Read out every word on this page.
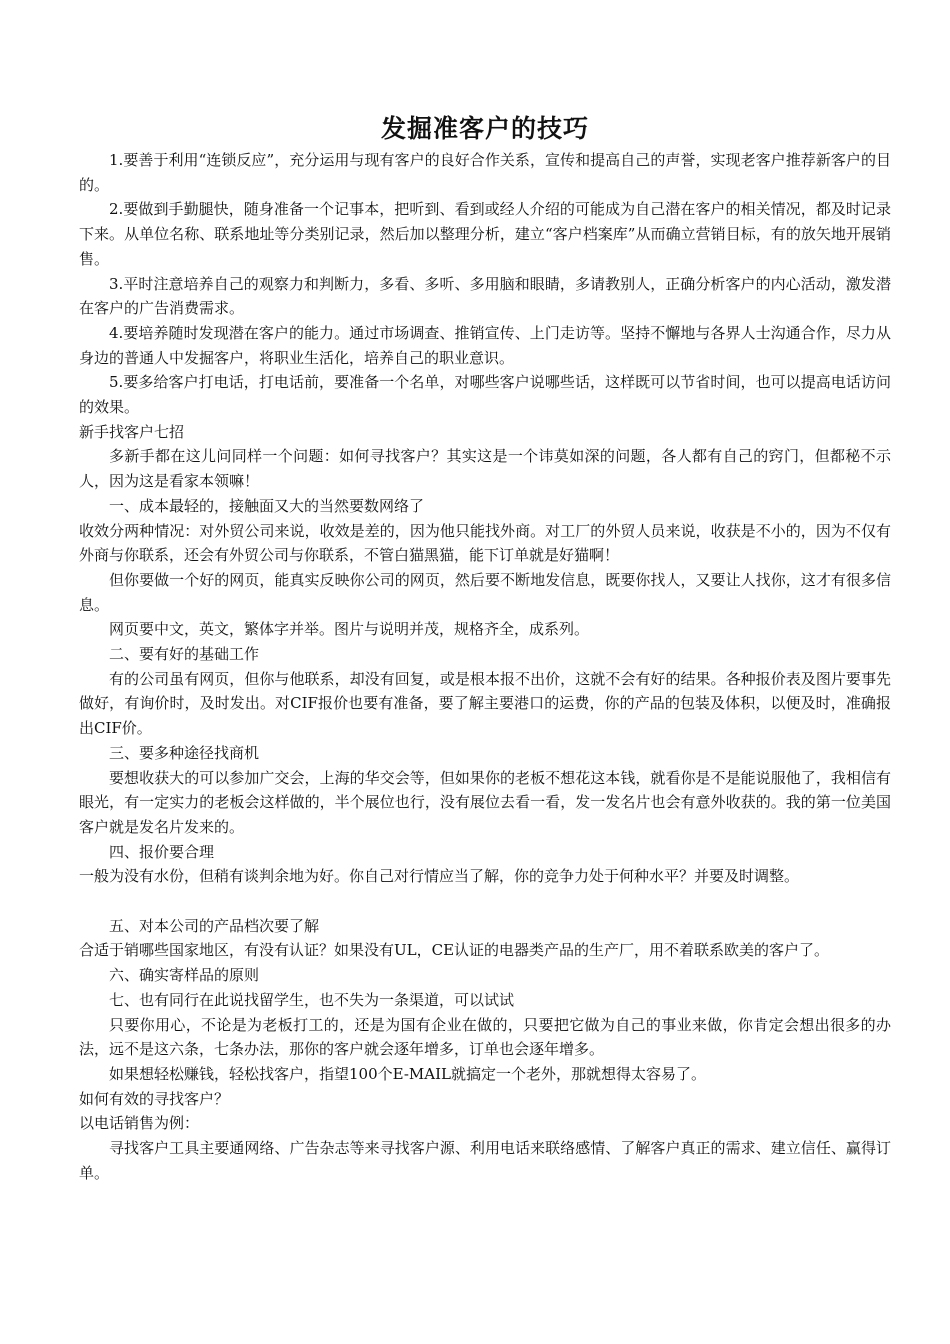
发掘准客户的技巧

1.要善于利用“连锁反应”，充分运用与现有客户的良好合作关系，宣传和提高自己的声誉，实现老客户推荐新客户的目的。

2.要做到手勤腿快，随身准备一个记事本，把听到、看到或经人介绍的可能成为自己潜在客户的相关情况，都及时记录下来。从单位名称、联系地址等分类别记录，然后加以整理分析，建立“客户档案库”从而确立营销目标，有的放矢地开展销售。

3.平时注意培养自己的观察力和判断力，多看、多听、多用脑和眼睛，多请教别人，正确分析客户的内心活动，激发潜在客户的广告消费需求。

4.要培养随时发现潜在客户的能力。通过市场调查、推销宣传、上门走访等。坚持不懈地与各界人士沟通合作，尽力从身边的普通人中发掘客户，将职业生活化，培养自己的职业意识。

5.要多给客户打电话，打电话前，要准备一个名单，对哪些客户说哪些话，这样既可以节省时间，也可以提高电话访问的效果。

新手找客户七招

多新手都在这儿问同样一个问题：如何寻找客户？其实这是一个讳莫如深的问题，各人都有自己的窍门，但都秘不示人，因为这是看家本领嘛！

一、成本最轻的，接触面又大的当然要数网络了

收效分两种情况：对外贸公司来说，收效是差的，因为他只能找外商。对工厂的外贸人员来说，收获是不小的，因为不仅有外商与你联系，还会有外贸公司与你联系，不管白猫黑猫，能下订单就是好猫啊！

但你要做一个好的网页，能真实反映你公司的网页，然后要不断地发信息，既要你找人，又要让人找你，这才有很多信息。

网页要中文，英文，繁体字并举。图片与说明并茂，规格齐全，成系列。

二、要有好的基础工作

有的公司虽有网页，但你与他联系，却没有回复，或是根本报不出价，这就不会有好的结果。各种报价表及图片要事先做好，有询价时，及时发出。对CIF报价也要有准备，要了解主要港口的运费，你的产品的包装及体积，以便及时，准确报出CIF价。

三、要多种途径找商机

要想收获大的可以参加广交会，上海的华交会等，但如果你的老板不想花这本钱，就看你是不是能说服他了，我相信有眼光，有一定实力的老板会这样做的，半个展位也行，没有展位去看一看，发一发名片也会有意外收获的。我的第一位美国客户就是发名片发来的。

四、报价要合理

一般为没有水份，但稍有谈判余地为好。你自己对行情应当了解，你的竞争力处于何种水平？并要及时调整。

五、对本公司的产品档次要了解

合适于销哪些国家地区，有没有认证？如果没有UL，CE认证的电器类产品的生产厂，用不着联系欧美的客户了。

六、确实寄样品的原则

七、也有同行在此说找留学生，也不失为一条渠道，可以试试

只要你用心，不论是为老板打工的，还是为国有企业在做的，只要把它做为自己的事业来做，你肯定会想出很多的办法，远不是这六条，七条办法，那你的客户就会逐年增多，订单也会逐年增多。

如果想轻松赚钱，轻松找客户，指望100个E-MAIL就搞定一个老外，那就想得太容易了。

如何有效的寻找客户？

以电话销售为例：

寻找客户工具主要通网络、广告杂志等来寻找客户源、利用电话来联络感情、了解客户真正的需求、建立信任、赢得订单。
